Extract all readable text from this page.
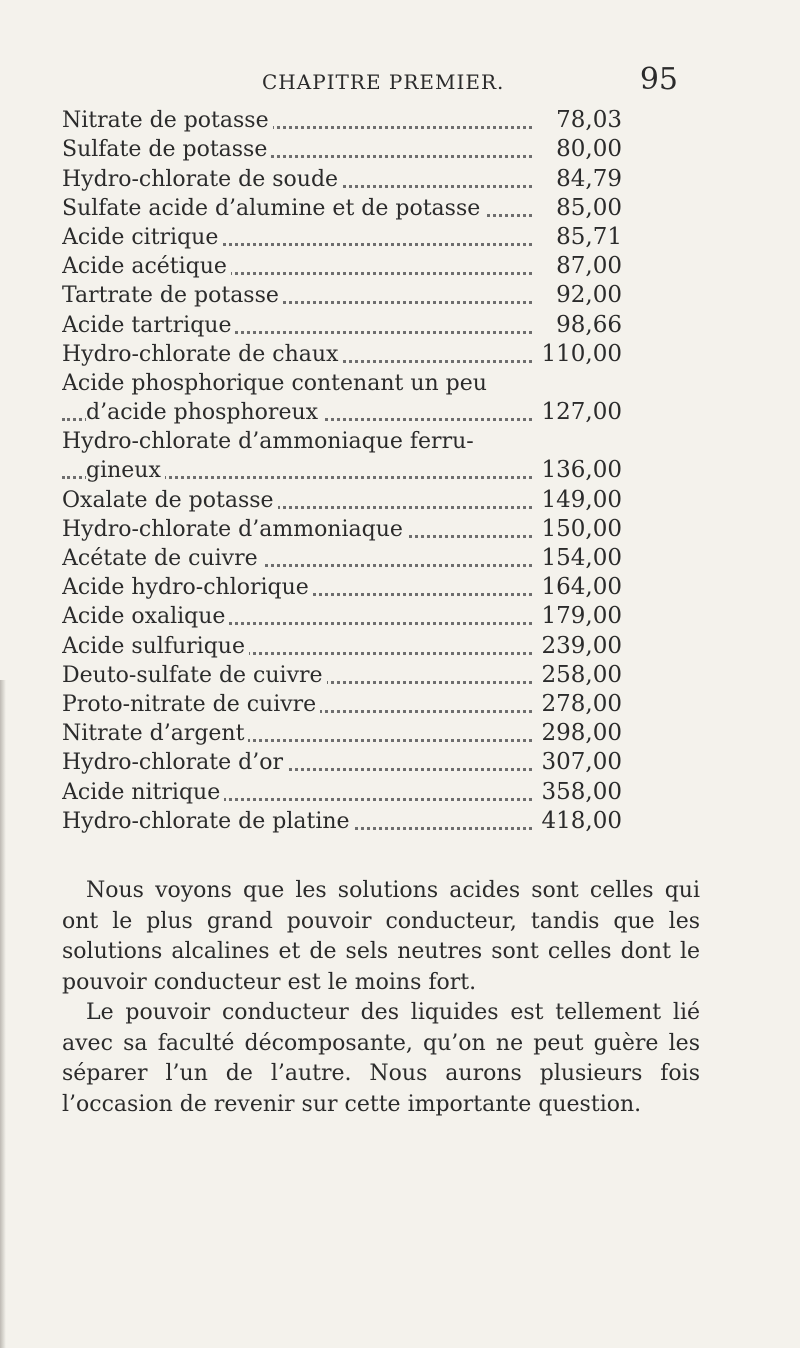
CHAPITRE PREMIER.	95
Nitrate de potasse	78,03
Sulfate de potasse	80,00
Hydro-chlorate de soude	84,79
Sulfate acide d’alumine et de potasse	85,00
Acide citrique	85,71
Acide acétique	87,00
Tartrate de potasse	92,00
Acide tartrique	98,66
Hydro-chlorate de chaux	110,00
Acide phosphorique contenant un peu
d’acide phosphoreux	127,00
Hydro-chlorate d’ammoniaque ferru-
gineux	136,00
Oxalate de potasse	149,00
Hydro-chlorate d’ammoniaque	150,00
Acétate de cuivre	154,00
Acide hydro-chlorique	164,00
Acide oxalique	179,00
Acide sulfurique	239,00
Deuto-sulfate de cuivre	258,00
Proto-nitrate de cuivre	278,00
Nitrate d’argent	298,00
Hydro-chlorate d’or	307,00
Acide nitrique	358,00
Hydro-chlorate de platine	418,00

Nous voyons que les solutions acides sont celles qui ont le plus grand pouvoir conducteur, tandis que les solutions alcalines et de sels neutres sont celles dont le pouvoir conducteur est le moins fort.

Le pouvoir conducteur des liquides est tellement lié avec sa faculté décomposante, qu’on ne peut guère les séparer l’un de l’autre. Nous aurons plusieurs fois l’occasion de revenir sur cette importante question.
